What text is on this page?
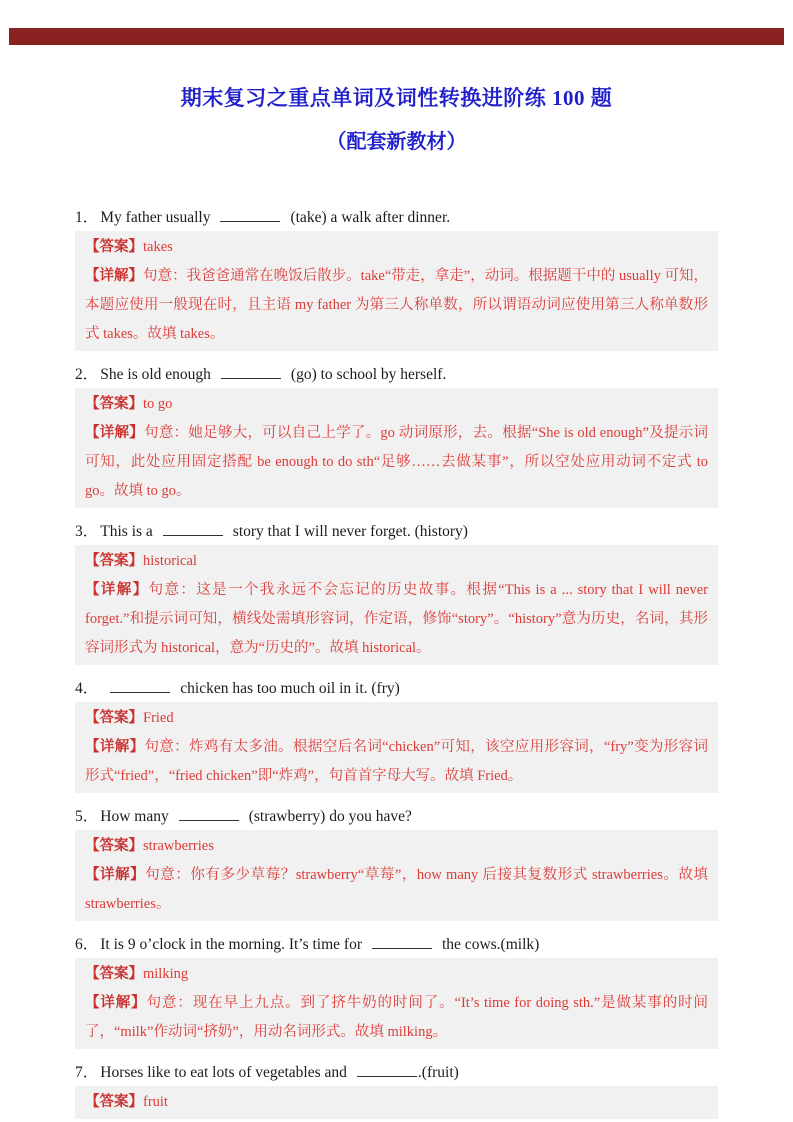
期末复习之重点单词及词性转换进阶练 100 题
（配套新教材）

1． My father usually	(take) a walk after dinner.

【答案】takes

【详解】句意：我爸爸通常在晚饭后散步。take“带走，拿走”，动词。根据题干中的 usually 可知，本题应使用一般现在时，且主语 my father 为第三人称单数，所以谓语动词应使用第三人称单数形式 takes。故填 takes。

2． She is old enough	(go) to school by herself.

【答案】to go

【详解】句意：她足够大，可以自己上学了。go 动词原形，去。根据“She is old enough”及提示词可知，此处应用固定搭配 be enough to do sth“足够……去做某事”，所以空处应用动词不定式 to go。故填 to go。

3． This is a	story that I will never forget. (history)

【答案】historical

【详解】句意：这是一个我永远不会忘记的历史故事。根据“This is a ... story that I will never forget.”和提示词可知，横线处需填形容词，作定语，修饰“story”。“history”意为历史，名词，其形容词形式为 historical，意为“历史的”。故填 historical。

4．	chicken has too much oil in it. (fry)

【答案】Fried

【详解】句意：炸鸡有太多油。根据空后名词“chicken”可知，该空应用形容词，“fry”变为形容词形式“fried”，“fried chicken”即“炸鸡”，句首首字母大写。故填 Fried。

5． How many	(strawberry) do you have?

【答案】strawberries

【详解】句意：你有多少草莓？strawberry“草莓”，how many 后接其复数形式 strawberries。故填 strawberries。

6． It is 9 o’clock in the morning. It’s time for	the cows.(milk)

【答案】milking

【详解】句意：现在早上九点。到了挤牛奶的时间了。“It’s time for doing sth.”是做某事的时间了，“milk”作动词“挤奶”，用动名词形式。故填 milking。

7． Horses like to eat lots of vegetables and	.(fruit)

【答案】fruit
